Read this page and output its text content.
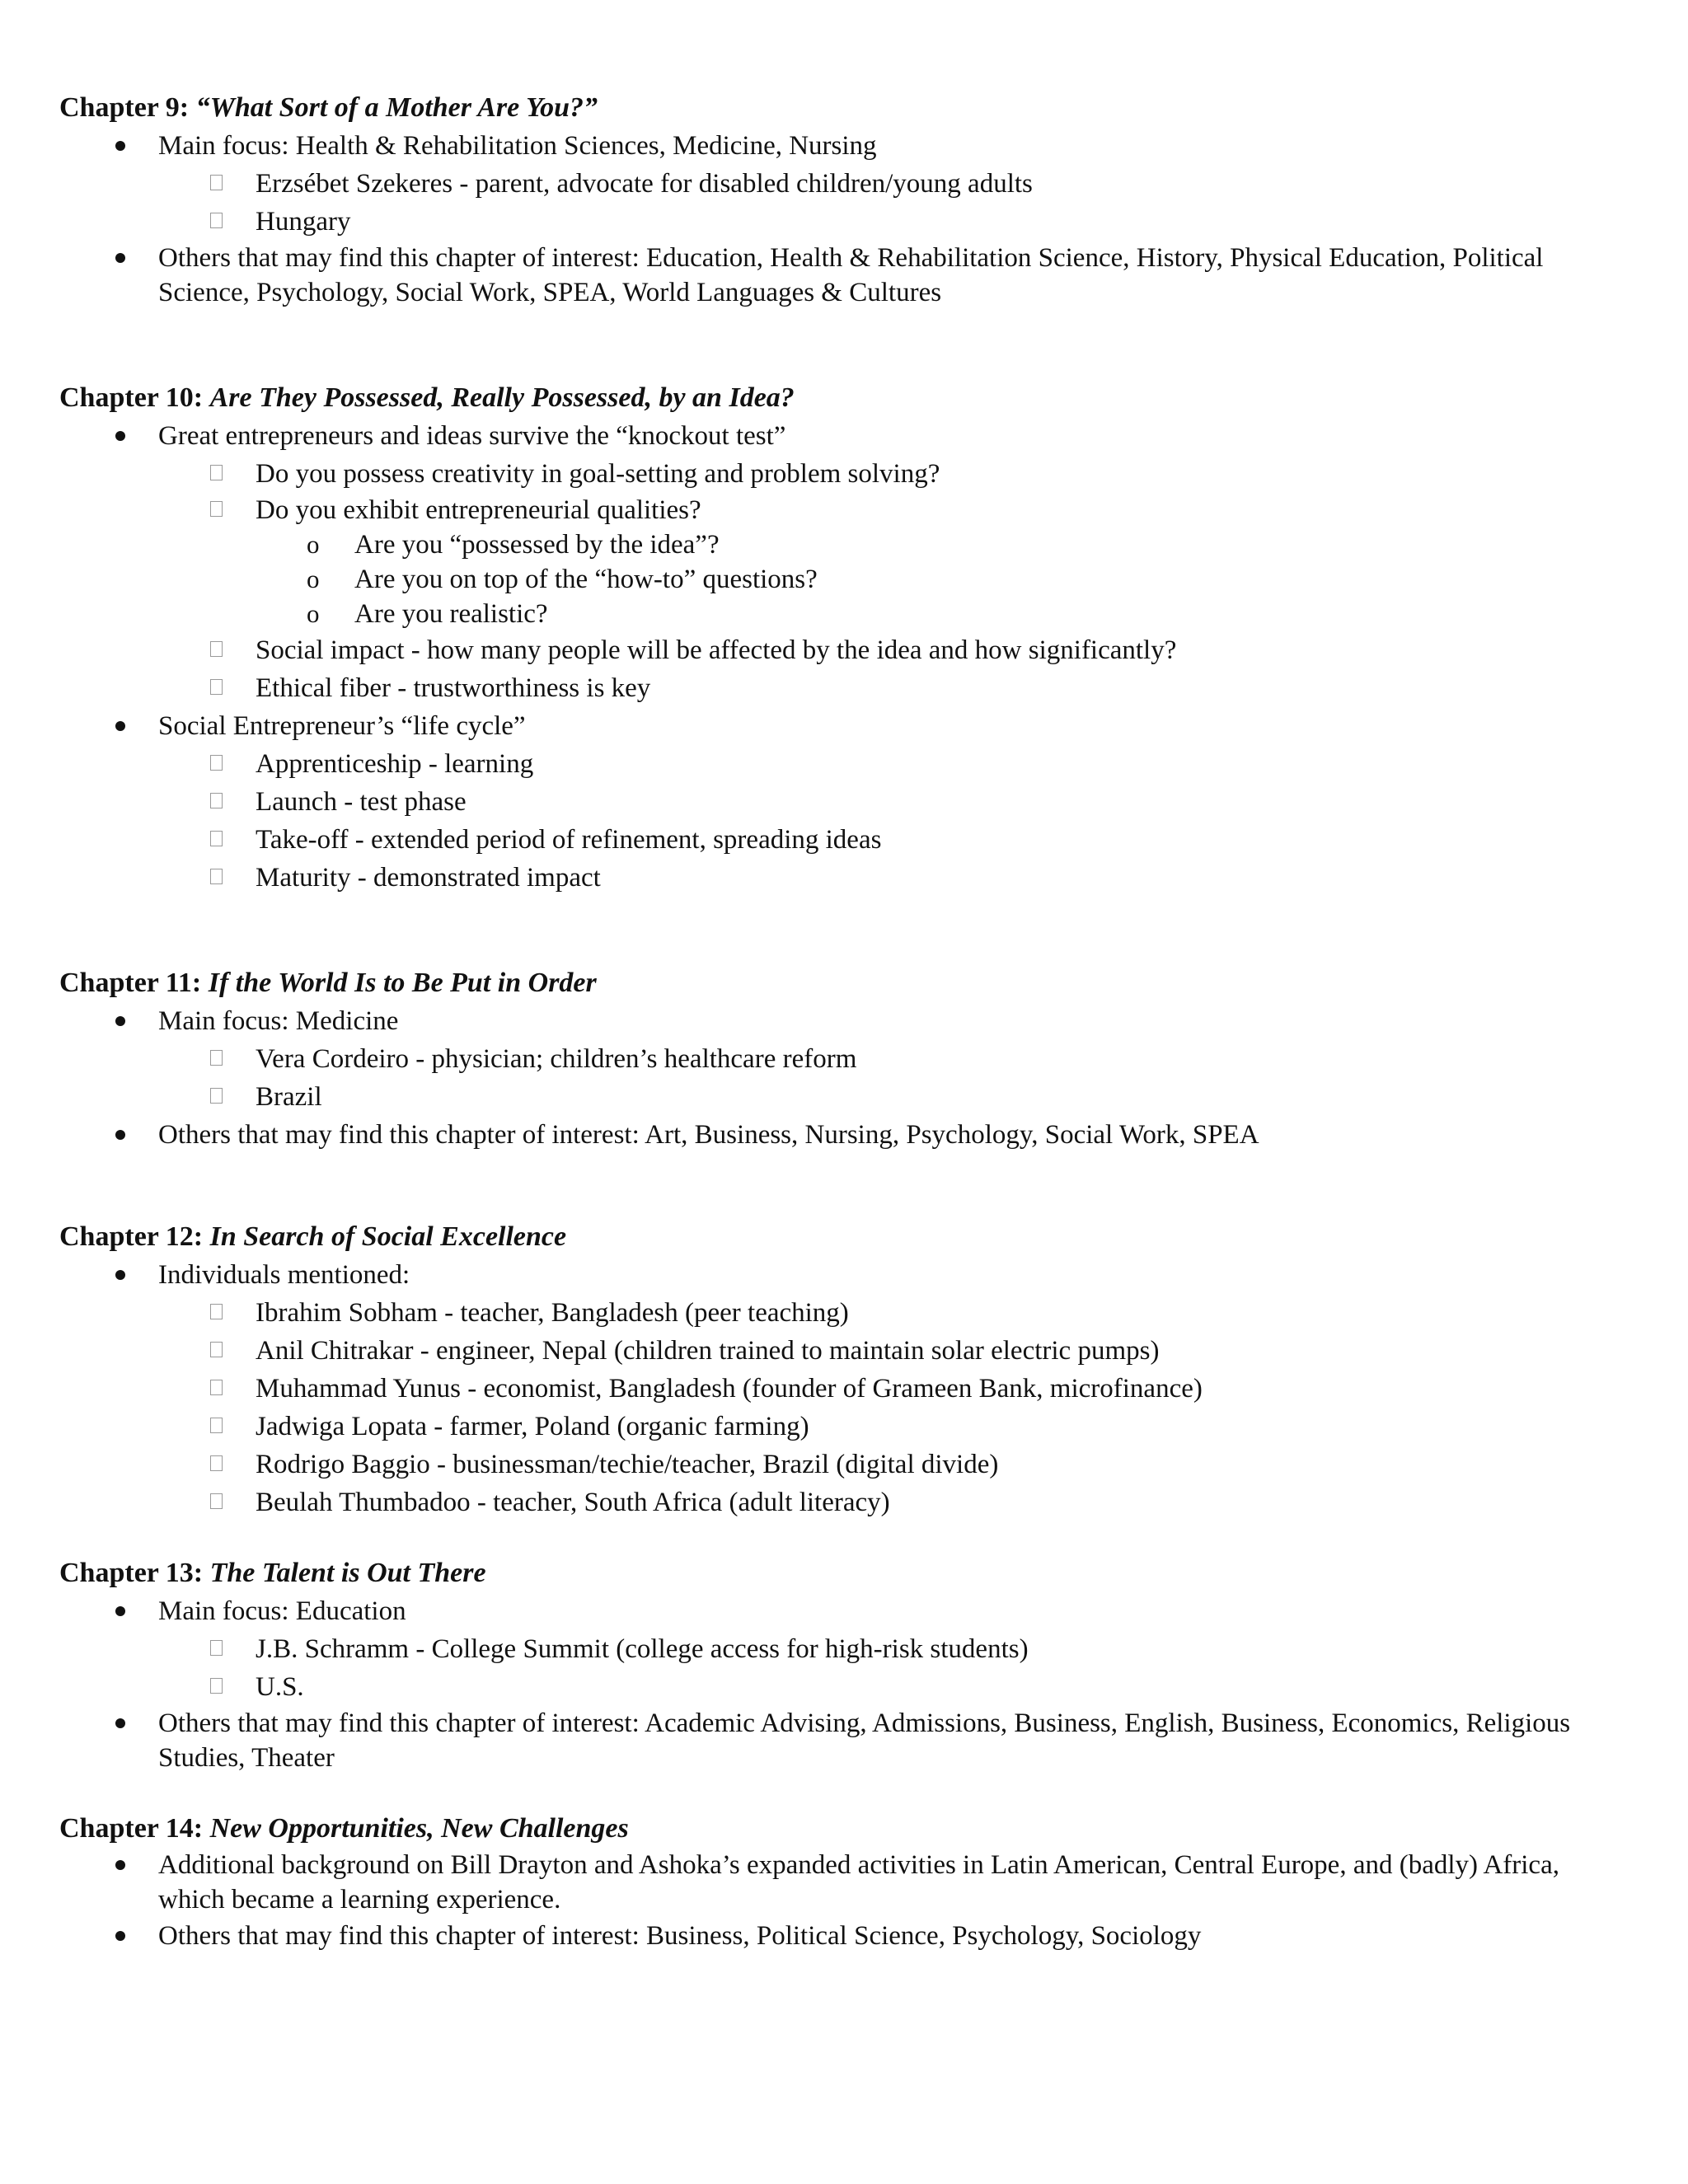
Chapter 9: “What Sort of a Mother Are You?”
Main focus: Health & Rehabilitation Sciences, Medicine, Nursing
Erzsébet Szekeres - parent, advocate for disabled children/young adults
Hungary
Others that may find this chapter of interest: Education, Health & Rehabilitation Science, History, Physical Education, Political Science, Psychology, Social Work, SPEA, World Languages & Cultures
Chapter 10: Are They Possessed, Really Possessed, by an Idea?
Great entrepreneurs and ideas survive the “knockout test”
Do you possess creativity in goal-setting and problem solving?
Do you exhibit entrepreneurial qualities?
o Are you “possessed by the idea”?
o Are you on top of the “how-to” questions?
o Are you realistic?
Social impact - how many people will be affected by the idea and how significantly?
Ethical fiber - trustworthiness is key
Social Entrepreneur’s “life cycle”
Apprenticeship - learning
Launch - test phase
Take-off - extended period of refinement, spreading ideas
Maturity - demonstrated impact
Chapter 11: If the World Is to Be Put in Order
Main focus: Medicine
Vera Cordeiro - physician; children’s healthcare reform
Brazil
Others that may find this chapter of interest: Art, Business, Nursing, Psychology, Social Work, SPEA
Chapter 12: In Search of Social Excellence
Individuals mentioned:
Ibrahim Sobham - teacher, Bangladesh (peer teaching)
Anil Chitrakar - engineer, Nepal (children trained to maintain solar electric pumps)
Muhammad Yunus - economist, Bangladesh (founder of Grameen Bank, microfinance)
Jadwiga Lopata - farmer, Poland (organic farming)
Rodrigo Baggio - businessman/techie/teacher, Brazil (digital divide)
Beulah Thumbadoo - teacher, South Africa (adult literacy)
Chapter 13: The Talent is Out There
Main focus: Education
J.B. Schramm - College Summit (college access for high-risk students)
U.S.
Others that may find this chapter of interest: Academic Advising, Admissions, Business, English, Business, Economics, Religious Studies, Theater
Chapter 14: New Opportunities, New Challenges
Additional background on Bill Drayton and Ashoka’s expanded activities in Latin American, Central Europe, and (badly) Africa, which became a learning experience.
Others that may find this chapter of interest: Business, Political Science, Psychology, Sociology
